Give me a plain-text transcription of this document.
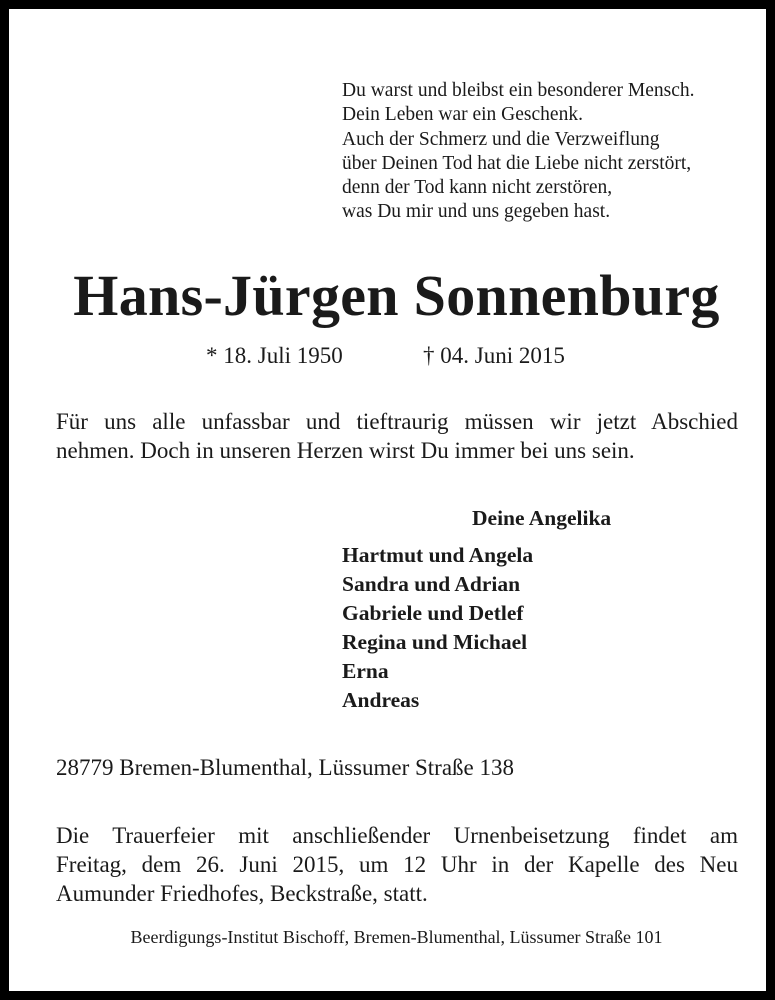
Du warst und bleibst ein besonderer Mensch.
Dein Leben war ein Geschenk.
Auch der Schmerz und die Verzweiflung
über Deinen Tod hat die Liebe nicht zerstört,
denn der Tod kann nicht zerstören,
was Du mir und uns gegeben hast.
Hans-Jürgen Sonnenburg
* 18. Juli 1950	† 04. Juni 2015
Für uns alle unfassbar und tieftraurig müssen wir jetzt Abschied
nehmen. Doch in unseren Herzen wirst Du immer bei uns sein.
Deine Angelika
Hartmut und Angela
Sandra und Adrian
Gabriele und Detlef
Regina und Michael
Erna
Andreas
28779 Bremen-Blumenthal, Lüssumer Straße 138
Die Trauerfeier mit anschließender Urnenbeisetzung findet am
Freitag, dem 26. Juni 2015, um 12 Uhr in der Kapelle des Neu
Aumunder Friedhofes, Beckstraße, statt.
Beerdigungs-Institut Bischoff, Bremen-Blumenthal, Lüssumer Straße 101
